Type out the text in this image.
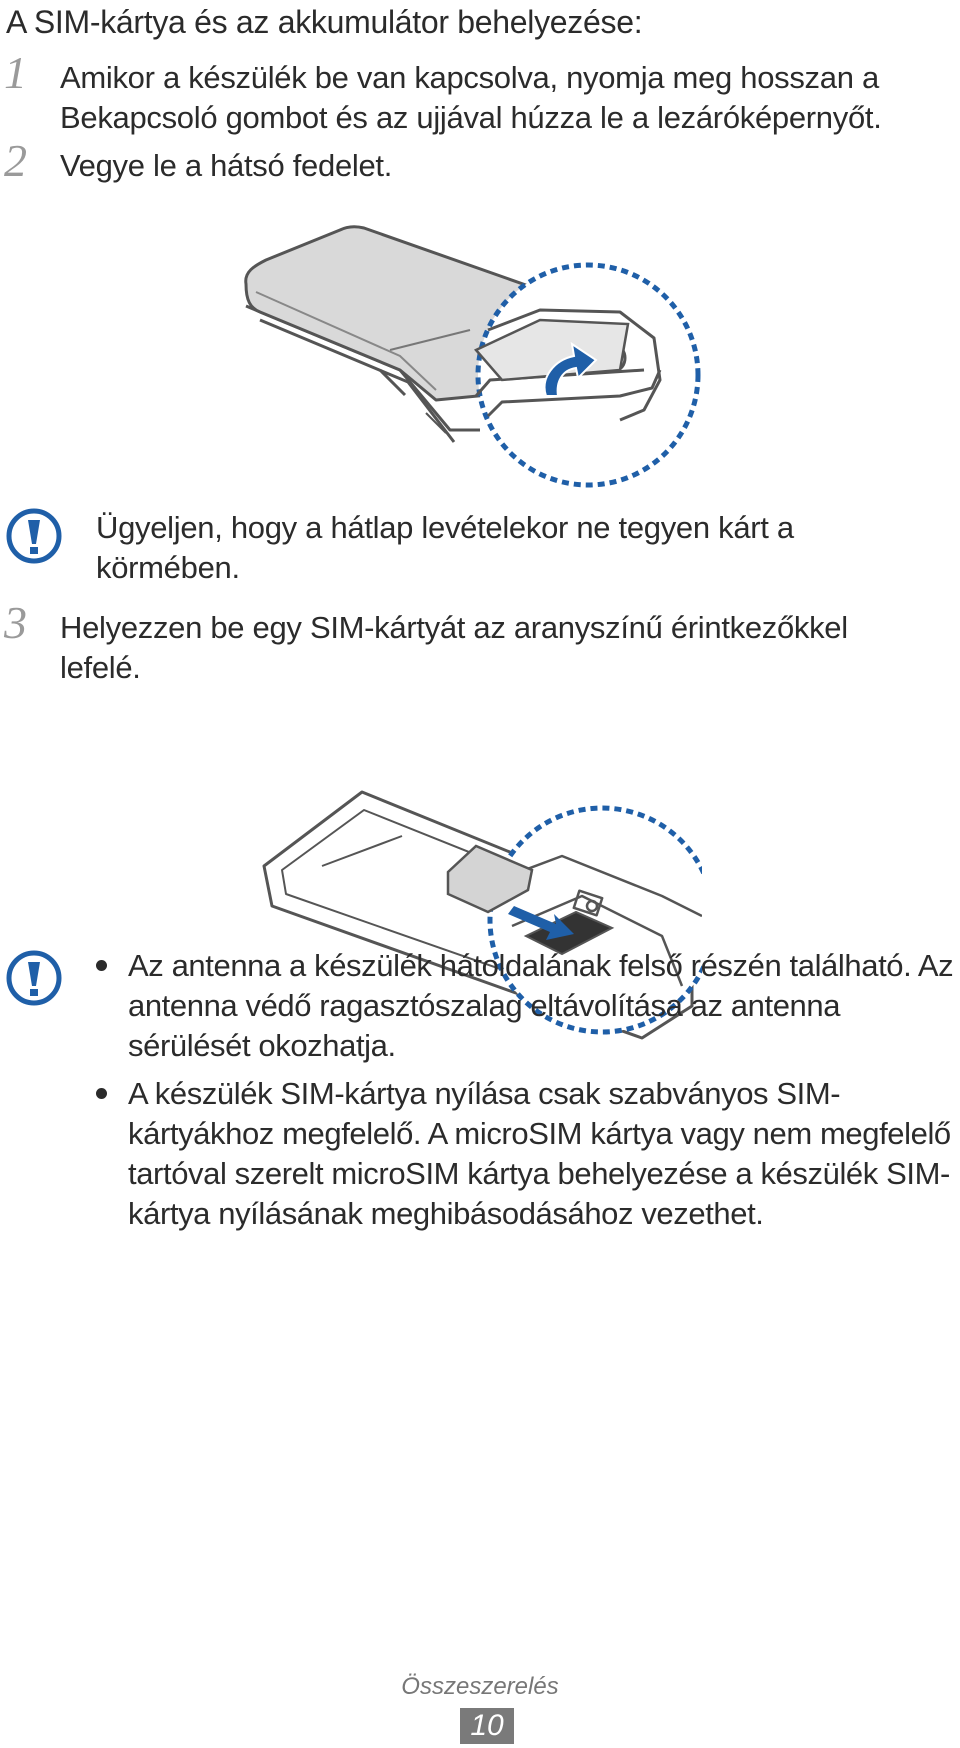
A SIM-kártya és az akkumulátor behelyezése:
1 Amikor a készülék be van kapcsolva, nyomja meg hosszan a
Bekapcsoló gombot és az ujjával húzza le a lezáróképernyőt.
2 Vegye le a hátsó fedelet.
Ügyeljen, hogy a hátlap levételekor ne tegyen kárt a
körmében.
3 Helyezzen be egy SIM-kártyát az aranyszínű érintkezőkkel
lefelé.
Az antenna a készülék hátoldalának felső részén található. Az antenna védő ragasztószalag eltávolítása az antenna sérülését okozhatja.
A készülék SIM-kártya nyílása csak szabványos SIM-kártyákhoz megfelelő. A microSIM kártya vagy nem megfelelő tartóval szerelt microSIM kártya behelyezése a készülék SIM-kártya nyílásának meghibásodásához vezethet.
Összeszerelés
10
